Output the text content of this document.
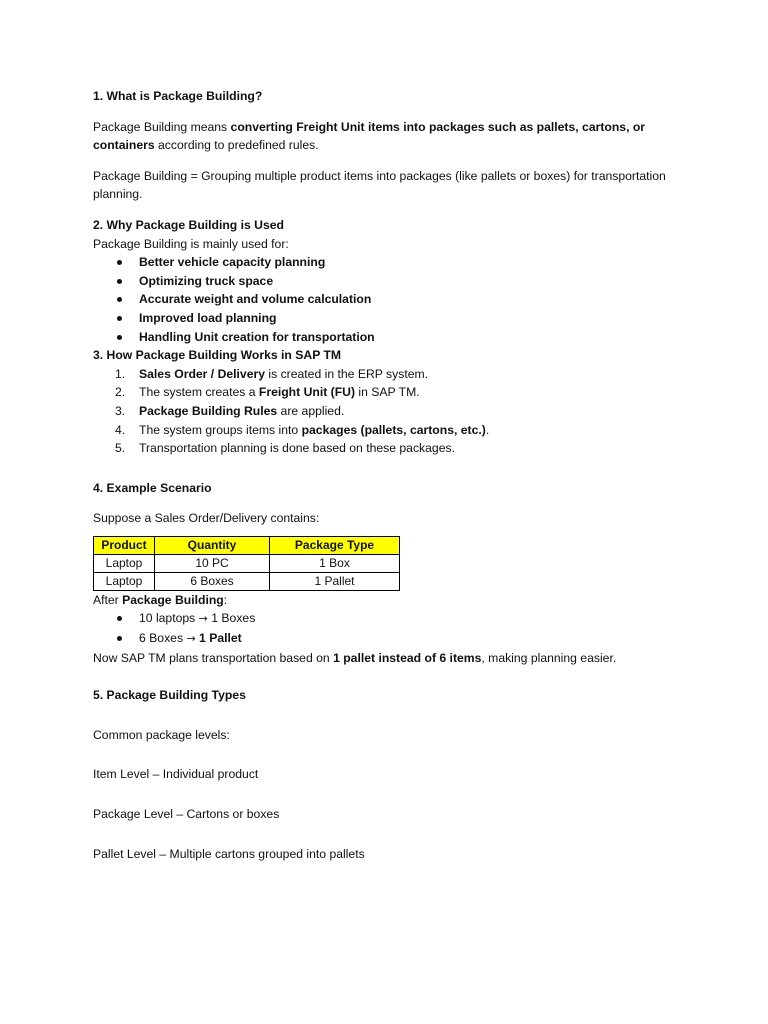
1. What is Package Building?

Package Building means converting Freight Unit items into packages such as pallets, cartons, or containers according to predefined rules.

Package Building = Grouping multiple product items into packages (like pallets or boxes) for transportation planning.

2. Why Package Building is Used

Package Building is mainly used for:

Better vehicle capacity planning
Optimizing truck space
Accurate weight and volume calculation
Improved load planning
Handling Unit creation for transportation

3. How Package Building Works in SAP TM

1. Sales Order / Delivery is created in the ERP system.
2. The system creates a Freight Unit (FU) in SAP TM.
3. Package Building Rules are applied.
4. The system groups items into packages (pallets, cartons, etc.).
5. Transportation planning is done based on these packages.

4. Example Scenario

Suppose a Sales Order/Delivery contains:

Product	Quantity	Package Type
Laptop	10 PC	1 Box
Laptop	6 Boxes	1 Pallet

After Package Building:

10 laptops → 1 Boxes
6 Boxes → 1 Pallet

Now SAP TM plans transportation based on 1 pallet instead of 6 items, making planning easier.

5. Package Building Types

Common package levels:

Item Level – Individual product

Package Level – Cartons or boxes

Pallet Level – Multiple cartons grouped into pallets
